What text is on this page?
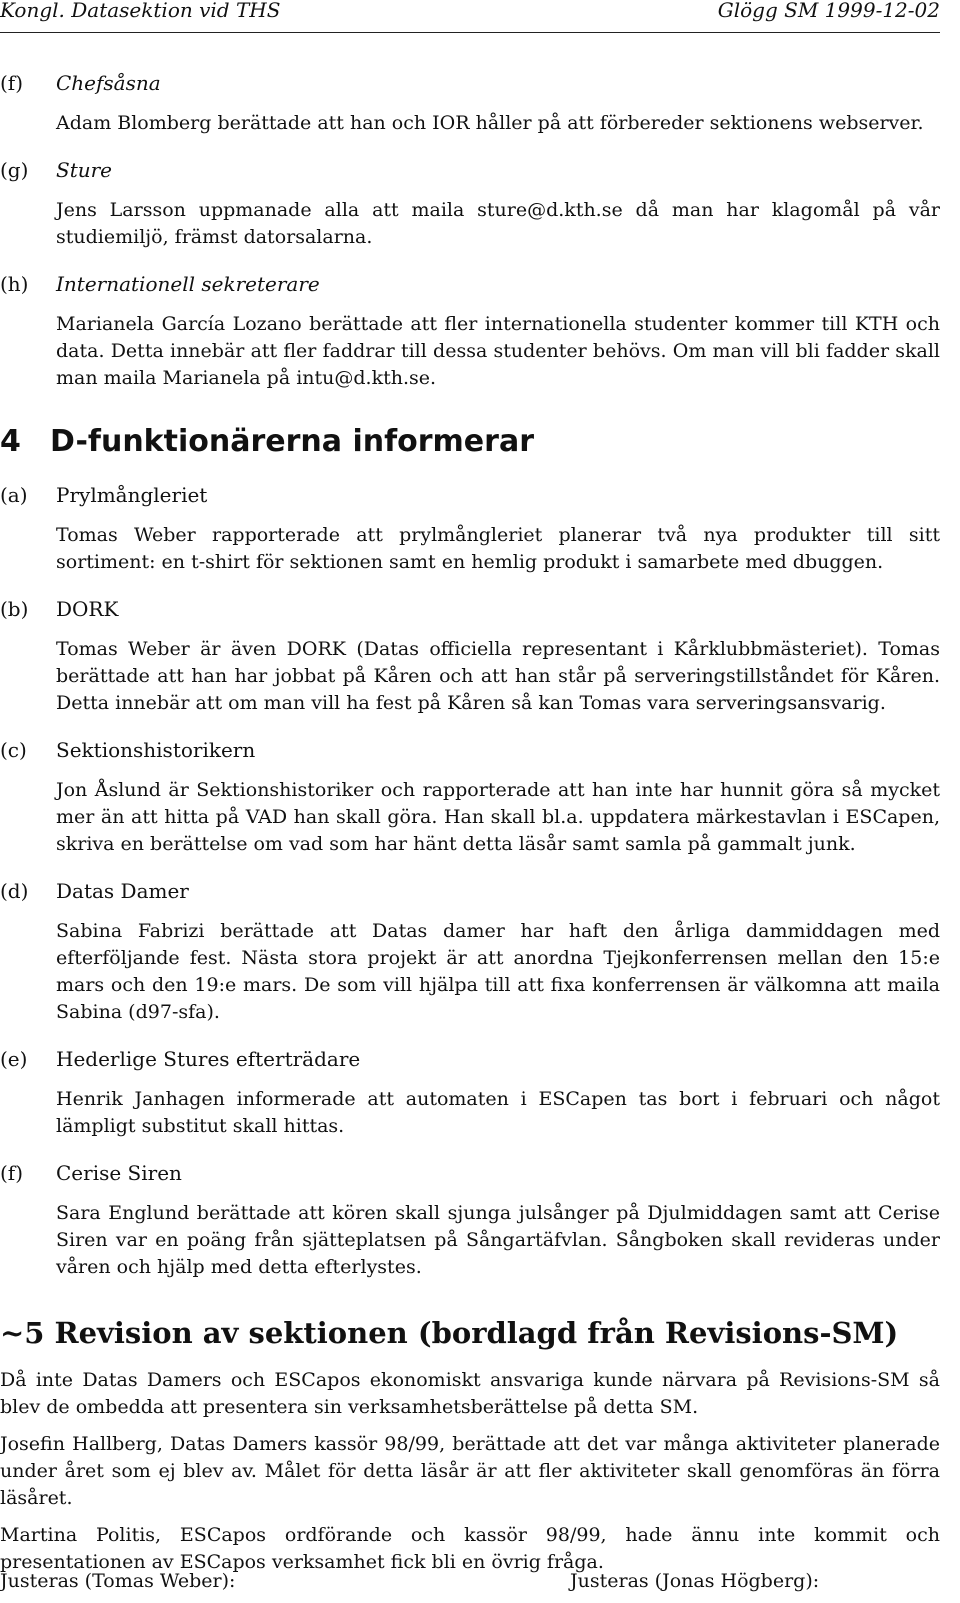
Kongl. Datasektion vid THS	Glögg SM 1999-12-02
(f) Chefsåsna
Adam Blomberg berättade att han och IOR håller på att förbereder sektionens webserver.
(g) Sture
Jens Larsson uppmanade alla att maila sture@d.kth.se då man har klagomål på vår studiemiljö, främst datorsalarna.
(h) Internationell sekreterare
Marianela García Lozano berättade att fler internationella studenter kommer till KTH och data. Detta innebär att fler faddrar till dessa studenter behövs. Om man vill bli fadder skall man maila Marianela på intu@d.kth.se.
4 D-funktionärerna informerar
(a) Prylmångleriet
Tomas Weber rapporterade att prylmångleriet planerar två nya produkter till sitt sortiment: en t-shirt för sektionen samt en hemlig produkt i samarbete med dbuggen.
(b) DORK
Tomas Weber är även DORK (Datas officiella representant i Kårklubbmästeriet). Tomas berättade att han har jobbat på Kåren och att han står på serveringstillståndet för Kåren. Detta innebär att om man vill ha fest på Kåren så kan Tomas vara serveringsansvarig.
(c) Sektionshistorikern
Jon Åslund är Sektionshistoriker och rapporterade att han inte har hunnit göra så mycket mer än att hitta på VAD han skall göra. Han skall bl.a. uppdatera märkestavlan i ESCapen, skriva en berättelse om vad som har hänt detta läsår samt samla på gammalt junk.
(d) Datas Damer
Sabina Fabrizi berättade att Datas damer har haft den årliga dammiddagen med efterföljande fest. Nästa stora projekt är att anordna Tjejkonferrensen mellan den 15:e mars och den 19:e mars. De som vill hjälpa till att fixa konferrensen är välkomna att maila Sabina (d97-sfa).
(e) Hederlige Stures efterträdare
Henrik Janhagen informerade att automaten i ESCapen tas bort i februari och något lämpligt substitut skall hittas.
(f) Cerise Siren
Sara Englund berättade att kören skall sjunga julsånger på Djulmiddagen samt att Cerise Siren var en poäng från sjätteplatsen på Sångartäfvlan. Sångboken skall revideras under våren och hjälp med detta efterlystes.
~5 Revision av sektionen (bordlagd från Revisions-SM)
Då inte Datas Damers och ESCapos ekonomiskt ansvariga kunde närvara på Revisions-SM så blev de ombedda att presentera sin verksamhetsberättelse på detta SM.
Josefin Hallberg, Datas Damers kassör 98/99, berättade att det var många aktiviteter planerade under året som ej blev av. Målet för detta läsår är att fler aktiviteter skall genomföras än förra läsåret.
Martina Politis, ESCapos ordförande och kassör 98/99, hade ännu inte kommit och presentationen av ESCapos verksamhet fick bli en övrig fråga.
Justeras (Tomas Weber):	Justeras (Jonas Högberg):
